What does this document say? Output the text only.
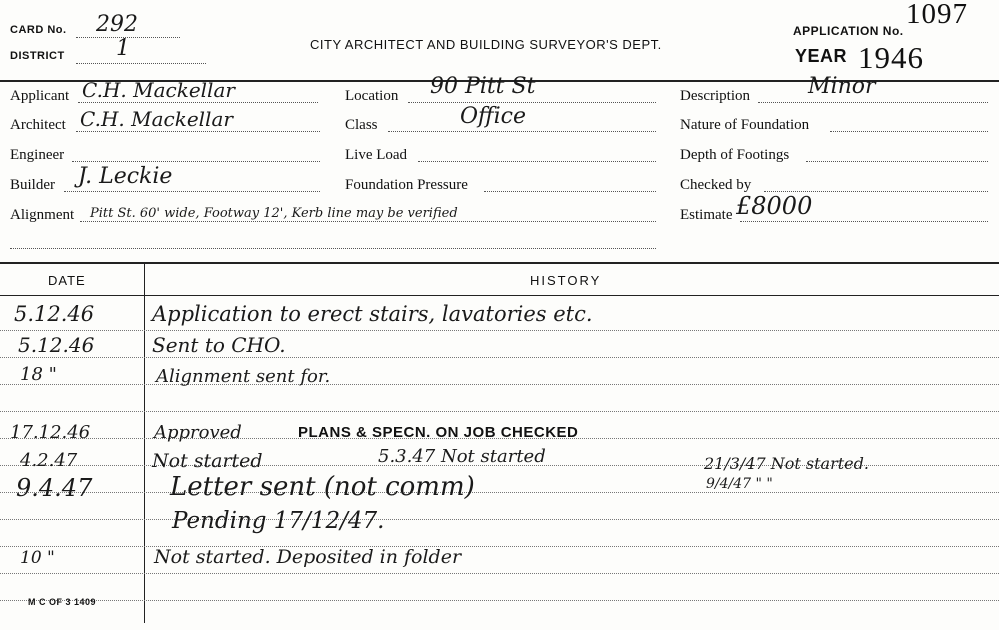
CARD No. 292
DISTRICT 1	CITY ARCHITECT AND BUILDING SURVEYOR'S DEPT.
APPLICATION No.
1097
YEAR 1946
Applicant C.H. Mackellar
Architect C.H. Mackellar
Engineer
Builder J. Leckie
Alignment Pitt St. 60' wide, Footway 12', Kerb line may be verified
Location 90 Pitt St
Class	Office
Live Load
Foundation Pressure
Description	Minor
Nature of Foundation
Depth of Footings
Checked by
Estimate £8000
DATE	HISTORY
5.12.46	Application to erect stairs, lavatories etc.
5.12.46	Sent to CHO.
18 "	Alignment sent for.
17.12.46	Approved	PLANS & SPECN. ON JOB CHECKED
4.2.47	Not started	5.3.47 Not started	21/3/47 Not started.
9.4.47	Letter sent (not comm)	9/4/47 " "
Pending 17/12/47.
10 "	Not started. Deposited in folder
M C OF 3 1409
